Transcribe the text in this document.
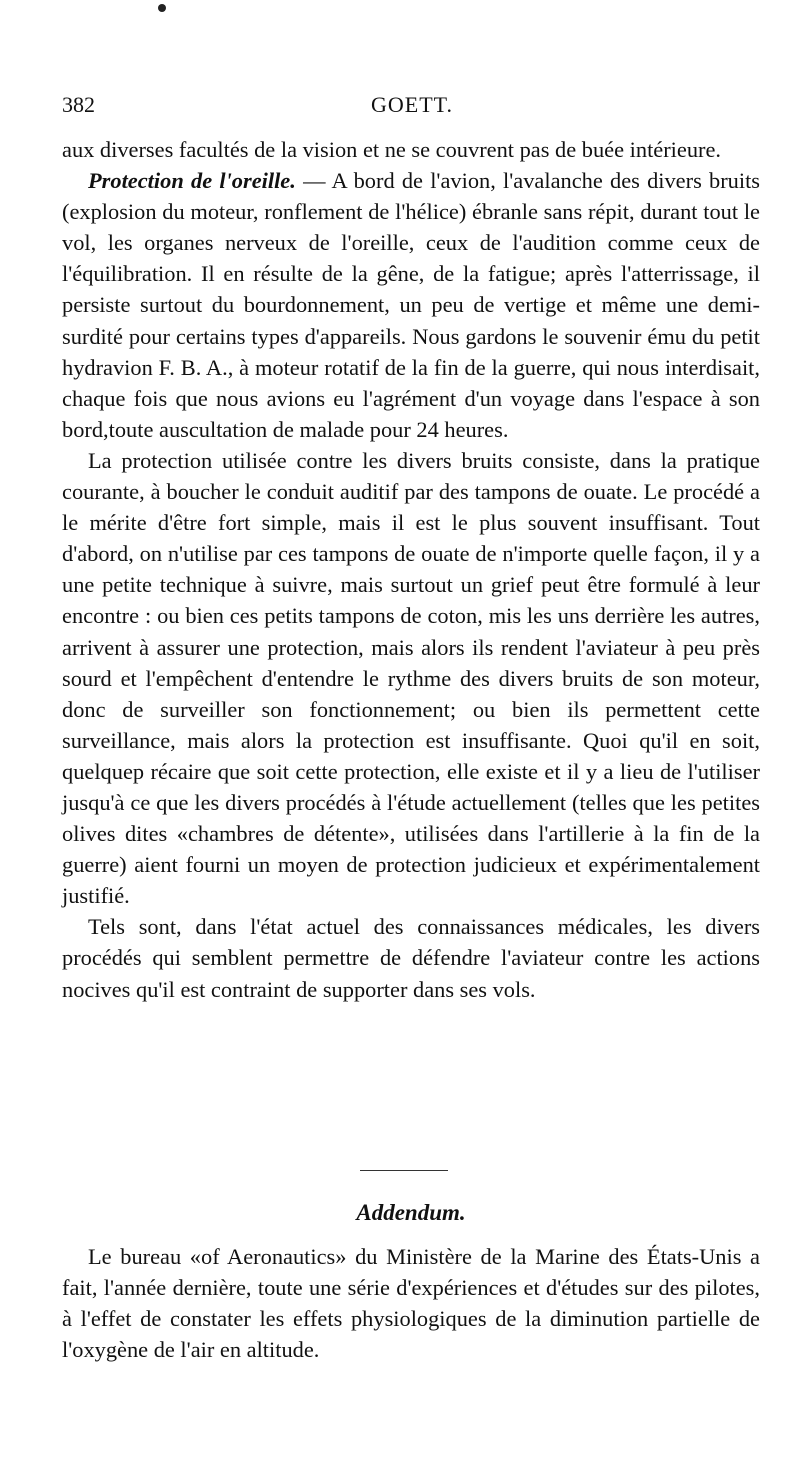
382	GOETT.

aux diverses facultés de la vision et ne se couvrent pas de buée intérieure.

Protection de l'oreille. — A bord de l'avion, l'avalanche des divers bruits (explosion du moteur, ronflement de l'hélice) ébranle sans répit, durant tout le vol, les organes nerveux de l'oreille, ceux de l'audition comme ceux de l'équilibration. Il en résulte de la gêne, de la fatigue; après l'atterrissage, il persiste surtout du bourdonnement, un peu de vertige et même une demi-surdité pour certains types d'appareils. Nous gardons le souvenir ému du petit hydravion F. B. A., à moteur rotatif de la fin de la guerre, qui nous interdisait, chaque fois que nous avions eu l'agrément d'un voyage dans l'espace à son bord,toute auscultation de malade pour 24 heures.

La protection utilisée contre les divers bruits consiste, dans la pratique courante, à boucher le conduit auditif par des tampons de ouate. Le procédé a le mérite d'être fort simple, mais il est le plus souvent insuffisant. Tout d'abord, on n'utilise par ces tampons de ouate de n'importe quelle façon, il y a une petite technique à suivre, mais surtout un grief peut être formulé à leur encontre : ou bien ces petits tampons de coton, mis les uns derrière les autres, arrivent à assurer une protection, mais alors ils rendent l'aviateur à peu près sourd et l'empêchent d'entendre le rythme des divers bruits de son moteur, donc de surveiller son fonctionnement; ou bien ils permettent cette surveillance, mais alors la protection est insuffisante. Quoi qu'il en soit, quelquep récaire que soit cette protection, elle existe et il y a lieu de l'utiliser jusqu'à ce que les divers procédés à l'étude actuellement (telles que les petites olives dites «chambres de détente», utilisées dans l'artillerie à la fin de la guerre) aient fourni un moyen de protection judicieux et expérimentalement justifié.

Tels sont, dans l'état actuel des connaissances médicales, les divers procédés qui semblent permettre de défendre l'aviateur contre les actions nocives qu'il est contraint de supporter dans ses vols.

Addendum.

Le bureau «of Aeronautics» du Ministère de la Marine des États-Unis a fait, l'année dernière, toute une série d'expériences et d'études sur des pilotes, à l'effet de constater les effets physiologiques de la diminution partielle de l'oxygène de l'air en altitude.
